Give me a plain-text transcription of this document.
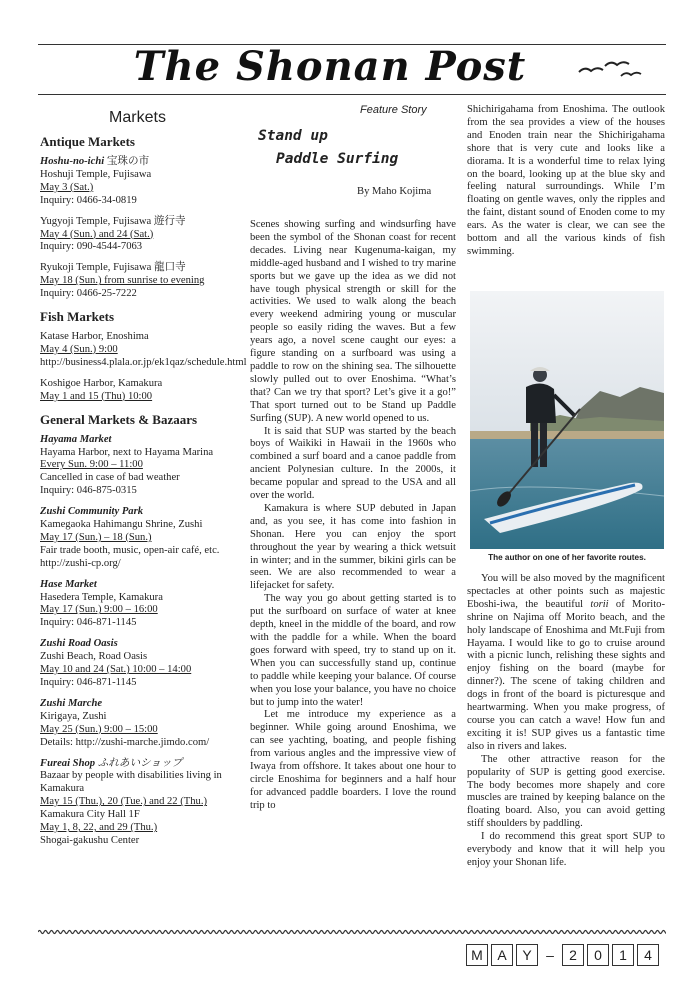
The Shonan Post
Markets
Antique Markets

Hoshu-no-ichi 宝珠の市

Hoshuji Temple, Fujisawa

May 3 (Sat.)

Inquiry: 0466-34-0819

Yugyoji Temple, Fujisawa 遊行寺

May 4 (Sun.) and 24 (Sat.)

Inquiry: 090-4544-7063

Ryukoji Temple, Fujisawa 龍口寺

May 18 (Sun.) from sunrise to evening

Inquiry: 0466-25-7222

Fish Markets

Katase Harbor, Enoshima

May 4 (Sun.) 9:00

http://business4.plala.or.jp/ek1qaz/schedule.html

Koshigoe Harbor, Kamakura

May 1 and 15 (Thu) 10:00

General Markets & Bazaars

Hayama Market

Hayama Harbor, next to Hayama Marina

Every Sun. 9:00 – 11:00

Cancelled in case of bad weather

Inquiry: 046-875-0315

Zushi Community Park

Kamegaoka Hahimangu Shrine, Zushi

May 17 (Sun.) – 18 (Sun.)

Fair trade booth, music, open-air café, etc.

http://zushi-cp.org/

Hase Market

Hasedera Temple, Kamakura

May 17 (Sun.) 9:00 – 16:00

Inquiry: 046-871-1145

Zushi Road Oasis

Zushi Beach, Road Oasis

May 10 and 24 (Sat.) 10:00 – 14:00

Inquiry: 046-871-1145

Zushi Marche

Kirigaya, Zushi

May 25 (Sun.) 9:00 – 15:00

Details: http://zushi-marche.jimdo.com/

Fureai Shop ふれあいショップ

Bazaar by people with disabilities living in Kamakura

May 15 (Thu.), 20 (Tue.) and 22 (Thu.)

Kamakura City Hall 1F

May 1, 8, 22, and 29 (Thu.)

Shogai-gakushu Center

Feature Story
Stand up
Paddle Surfing
By Maho Kojima

Scenes showing surfing and windsurfing have been the symbol of the Shonan coast for recent decades. Living near Kugenuma-kaigan, my middle-aged husband and I wished to try marine sports but we gave up the idea as we did not have tough physical strength or skill for the activities. We used to walk along the beach every weekend admiring young or muscular people so easily riding the waves. But a few years ago, a novel scene caught our eyes: a figure standing on a surfboard was using a paddle to row on the shining sea. The silhouette slowly pulled out to over Enoshima. “What’s that? Can we try that sport? Let’s give it a go!” That sport turned out to be Stand up Paddle Surfing (SUP). A new world opened to us.

It is said that SUP was started by the beach boys of Waikiki in Hawaii in the 1960s who combined a surf board and a canoe paddle from ancient Polynesian culture. In the 2000s, it became popular and spread to the USA and all over the world.

Kamakura is where SUP debuted in Japan and, as you see, it has come into fashion in Shonan. Here you can enjoy the sport throughout the year by wearing a thick wetsuit in winter; and in the summer, bikini girls can be seen. We are also recommended to wear a lifejacket for safety.

The way you go about getting started is to put the surfboard on surface of water at knee depth, kneel in the middle of the board, and row with the paddle for a while. When the board goes forward with speed, try to stand up on it. When you can successfully stand up, continue to paddle while keeping your balance. Of course when you lose your balance, you have no choice but to jump into the water!

Let me introduce my experience as a beginner. While going around Enoshima, we can see yachting, boating, and people fishing from various angles and the impressive view of Iwaya from offshore. It takes about one hour to circle Enoshima for beginners and a half hour for advanced paddle boarders. I love the round trip to

Shichirigahama from Enoshima. The outlook from the sea provides a view of the houses and Enoden train near the Shichirigahama shore that is very cute and looks like a diorama. It is a wonderful time to relax lying on the board, looking up at the blue sky and feeling natural surroundings. While I’m floating on gentle waves, only the ripples and the faint, distant sound of Enoden come to my ears. As the water is clear, we can see the bottom and all the various kinds of fish swimming.
The author on one of her favorite routes.

You will be also moved by the magnificent spectacles at other points such as majestic Eboshi-iwa, the beautiful torii of Morito-shrine on Najima off Morito beach, and the holy landscape of Enoshima and Mt.Fuji from Hayama. I would like to go to cruise around with a picnic lunch, relishing these sights and enjoy fishing on the board (maybe for dinner?). The scene of taking children and dogs in front of the board is picturesque and heartwarming. When you make progress, of course you can catch a wave! How fun and exciting it is! SUP gives us a fantastic time also in rivers and lakes.

The other attractive reason for the popularity of SUP is getting good exercise. The body becomes more shapely and core muscles are trained by keeping balance on the floating board. Also, you can avoid getting stiff shoulders by paddling.

I do recommend this great sport SUP to everybody and know that it will help you enjoy your Shonan life.

M	A	Y	–	2	0	1	4
